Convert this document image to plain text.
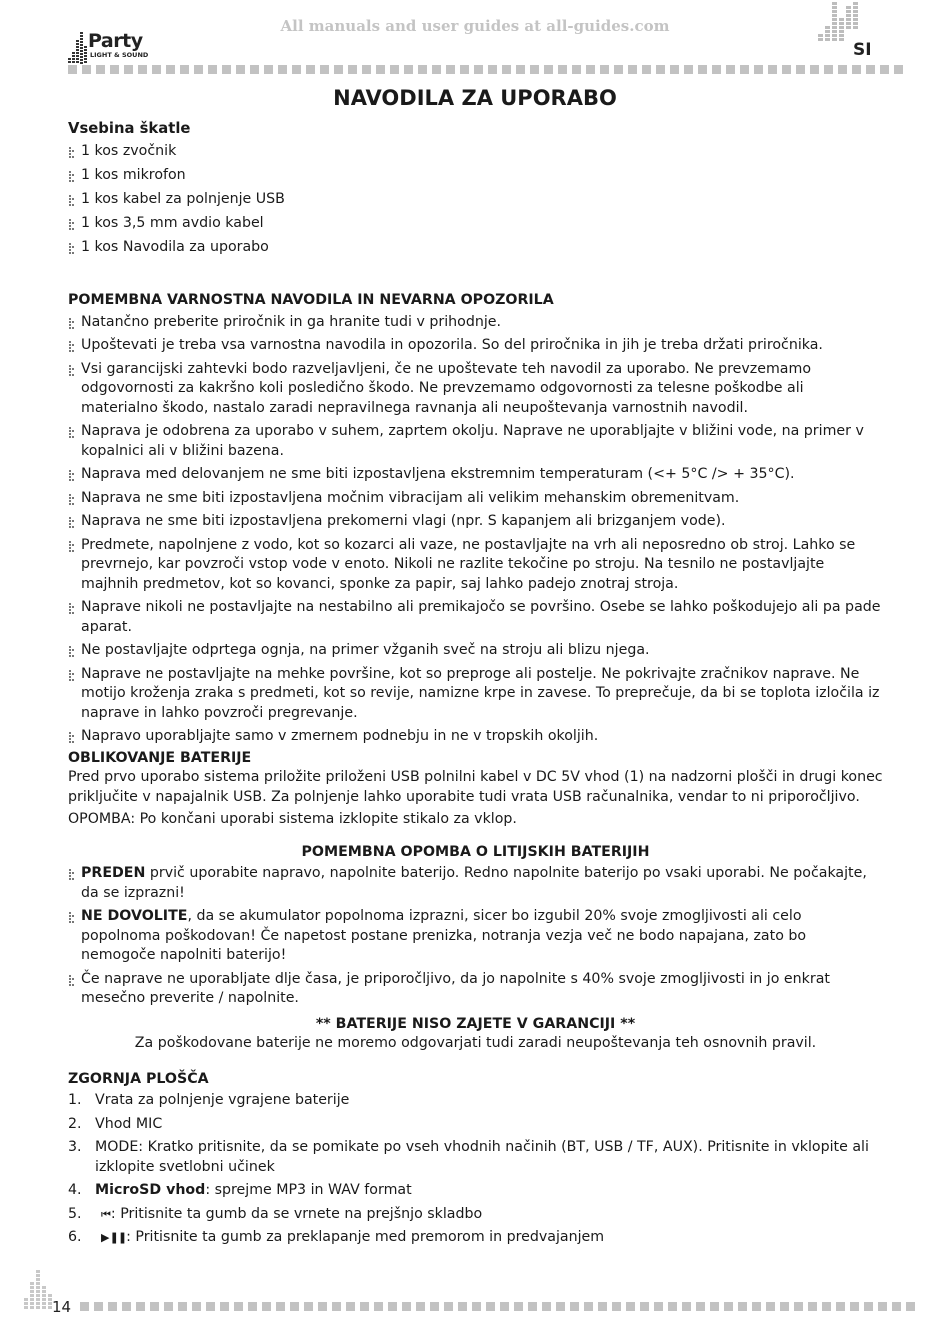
All manuals and user guides at all-guides.com
Party
LIGHT & SOUND	SI
NAVODILA ZA UPORABO

Vsebina škatle

1 kos zvočnik
1 kos mikrofon
1 kos kabel za polnjenje USB
1 kos 3,5 mm avdio kabel
1 kos Navodila za uporabo

POMEMBNA VARNOSTNA NAVODILA IN NEVARNA OPOZORILA

Natančno preberite priročnik in ga hranite tudi v prihodnje.
Upoštevati je treba vsa varnostna navodila in opozorila. So del priročnika in jih je treba držati priročnika.
Vsi garancijski zahtevki bodo razveljavljeni, če ne upoštevate teh navodil za uporabo. Ne prevzemamo odgovornosti za kakršno koli posledično škodo. Ne prevzemamo odgovornosti za telesne poškodbe ali materialno škodo, nastalo zaradi nepravilnega ravnanja ali neupoštevanja varnostnih navodil.
Naprava je odobrena za uporabo v suhem, zaprtem okolju. Naprave ne uporabljajte v bližini vode, na primer v kopalnici ali v bližini bazena.
Naprava med delovanjem ne sme biti izpostavljena ekstremnim temperaturam (<+ 5°C /> + 35°C).
Naprava ne sme biti izpostavljena močnim vibracijam ali velikim mehanskim obremenitvam.
Naprava ne sme biti izpostavljena prekomerni vlagi (npr. S kapanjem ali brizganjem vode).
Predmete, napolnjene z vodo, kot so kozarci ali vaze, ne postavljajte na vrh ali neposredno ob stroj. Lahko se prevrnejo, kar povzroči vstop vode v enoto. Nikoli ne razlite tekočine po stroju. Na tesnilo ne postavljajte majhnih predmetov, kot so kovanci, sponke za papir, saj lahko padejo znotraj stroja.
Naprave nikoli ne postavljajte na nestabilno ali premikajočo se površino. Osebe se lahko poškodujejo ali pa pade aparat.
Ne postavljajte odprtega ognja, na primer vžganih sveč na stroju ali blizu njega.
Naprave ne postavljajte na mehke površine, kot so preproge ali postelje. Ne pokrivajte zračnikov naprave. Ne motijo kroženja zraka s predmeti, kot so revije, namizne krpe in zavese. To preprečuje, da bi se toplota izločila iz naprave in lahko povzroči pregrevanje.
Napravo uporabljajte samo v zmernem podnebju in ne v tropskih okoljih.

OBLIKOVANJE BATERIJE

Pred prvo uporabo sistema priložite priloženi USB polnilni kabel v DC 5V vhod (1) na nadzorni plošči in drugi konec priključite v napajalnik USB. Za polnjenje lahko uporabite tudi vrata USB računalnika, vendar to ni priporočljivo.

OPOMBA: Po končani uporabi sistema izklopite stikalo za vklop.

POMEMBNA OPOMBA O LITIJSKIH BATERIJIH

PREDEN prvič uporabite napravo, napolnite baterijo. Redno napolnite baterijo po vsaki uporabi. Ne počakajte, da se izprazni!
NE DOVOLITE, da se akumulator popolnoma izprazni, sicer bo izgubil 20% svoje zmogljivosti ali celo popolnoma poškodovan! Če napetost postane prenizka, notranja vezja več ne bodo napajana, zato bo nemogoče napolniti baterijo!
Če naprave ne uporabljate dlje časa, je priporočljivo, da jo napolnite s 40% svoje zmogljivosti in jo enkrat mesečno preverite / napolnite.

** BATERIJE NISO ZAJETE V GARANCIJI **

Za poškodovane baterije ne moremo odgovarjati tudi zaradi neupoštevanja teh osnovnih pravil.

ZGORNJA PLOŠČA

1. Vrata za polnjenje vgrajene baterije
2. Vhod MIC
3. MODE: Kratko pritisnite, da se pomikate po vseh vhodnih načinih (BT, USB / TF, AUX). Pritisnite in vklopite ali izklopite svetlobni učinek
4. MicroSD vhod: sprejme MP3 in WAV format
5. ⏮: Pritisnite ta gumb da se vrnete na prejšnjo skladbo
6. ▶ ❚❚: Pritisnite ta gumb za preklapanje med premorom in predvajanjem
14
